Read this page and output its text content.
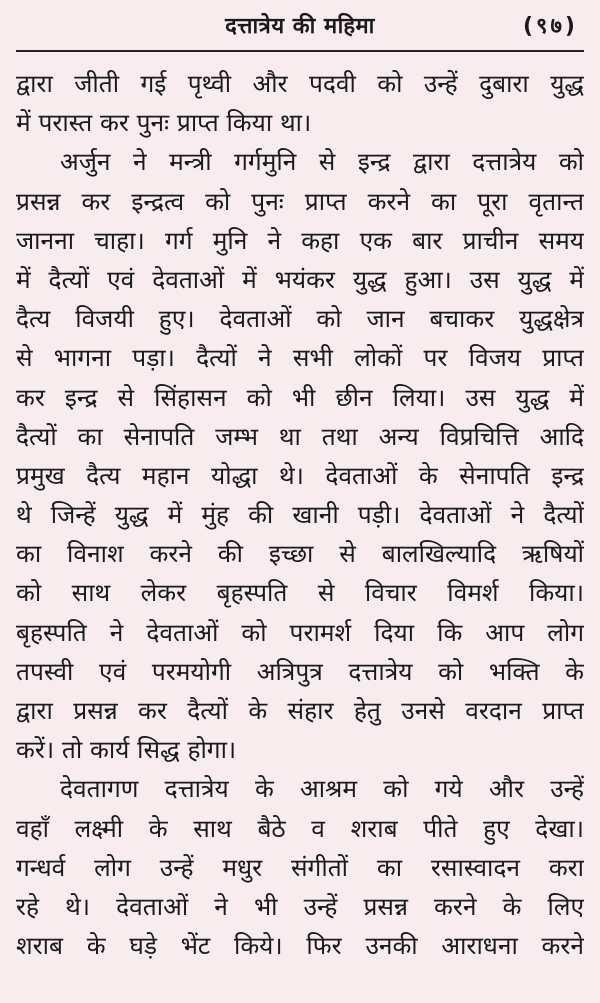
दत्तात्रेय की महिमा	(९७)
द्वारा जीती गई पृथ्वी और पदवी को उन्हें दुबारा युद्ध
में परास्त कर पुनः प्राप्त किया था।
अर्जुन ने मन्त्री गर्गमुनि से इन्द्र द्वारा दत्तात्रेय को
प्रसन्न कर इन्द्रत्व को पुनः प्राप्त करने का पूरा वृतान्त
जानना चाहा। गर्ग मुनि ने कहा एक बार प्राचीन समय
में दैत्यों एवं देवताओं में भयंकर युद्ध हुआ। उस युद्ध में
दैत्य विजयी हुए। देवताओं को जान बचाकर युद्धक्षेत्र
से भागना पड़ा। दैत्यों ने सभी लोकों पर विजय प्राप्त
कर इन्द्र से सिंहासन को भी छीन लिया। उस युद्ध में
दैत्यों का सेनापति जम्भ था तथा अन्य विप्रचित्ति आदि
प्रमुख दैत्य महान योद्धा थे। देवताओं के सेनापति इन्द्र
थे जिन्हें युद्ध में मुंह की खानी पड़ी। देवताओं ने दैत्यों
का विनाश करने की इच्छा से बालखिल्यादि ऋषियों
को साथ लेकर बृहस्पति से विचार विमर्श किया।
बृहस्पति ने देवताओं को परामर्श दिया कि आप लोग
तपस्वी एवं परमयोगी अत्रिपुत्र दत्तात्रेय को भक्ति के
द्वारा प्रसन्न कर दैत्यों के संहार हेतु उनसे वरदान प्राप्त
करें। तो कार्य सिद्ध होगा।
देवतागण दत्तात्रेय के आश्रम को गये और उन्हें
वहाँ लक्ष्मी के साथ बैठे व शराब पीते हुए देखा।
गन्धर्व लोग उन्हें मधुर संगीतों का रसास्वादन करा
रहे थे। देवताओं ने भी उन्हें प्रसन्न करने के लिए
शराब के घड़े भेंट किये। फिर उनकी आराधना करने
